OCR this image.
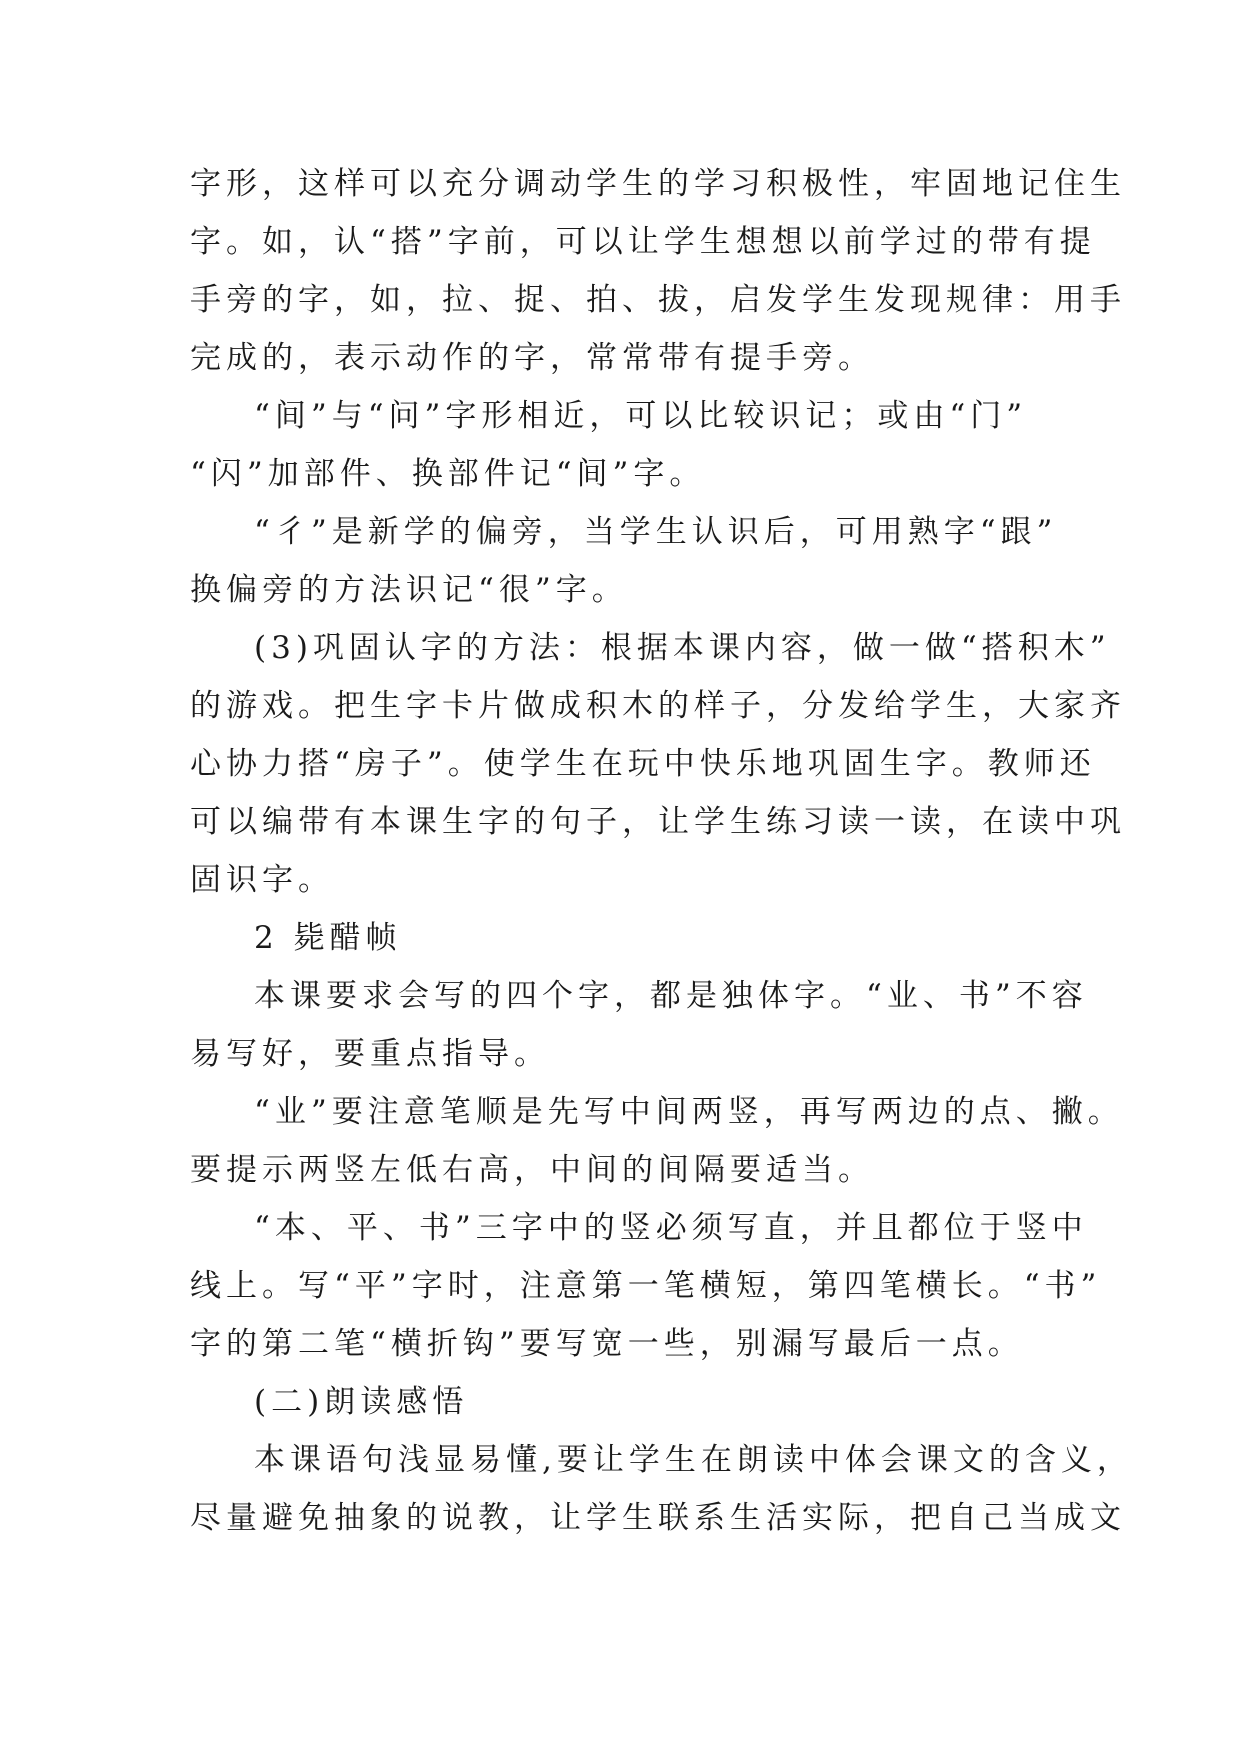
字形，这样可以充分调动学生的学习积极性，牢固地记住生
字。如，认“搭”字前，可以让学生想想以前学过的带有提
手旁的字，如，拉、捉、拍、拔，启发学生发现规律：用手
完成的，表示动作的字，常常带有提手旁。
“间”与“问”字形相近，可以比较识记；或由“门”
“闪”加部件、换部件记“间”字。
“彳”是新学的偏旁，当学生认识后，可用熟字“跟”
换偏旁的方法识记“很”字。
(3)巩固认字的方法：根据本课内容，做一做“搭积木”
的游戏。把生字卡片做成积木的样子，分发给学生，大家齐
心协力搭“房子”。使学生在玩中快乐地巩固生字。教师还
可以编带有本课生字的句子，让学生练习读一读，在读中巩
固识字。
2 毙醋帧
本课要求会写的四个字，都是独体字。“业、书”不容
易写好，要重点指导。
“业”要注意笔顺是先写中间两竖，再写两边的点、撇。
要提示两竖左低右高，中间的间隔要适当。
“本、平、书”三字中的竖必须写直，并且都位于竖中
线上。写“平”字时，注意第一笔横短，第四笔横长。“书”
字的第二笔“横折钩”要写宽一些，别漏写最后一点。
(二)朗读感悟
本课语句浅显易懂,要让学生在朗读中体会课文的含义，
尽量避免抽象的说教，让学生联系生活实际，把自己当成文
